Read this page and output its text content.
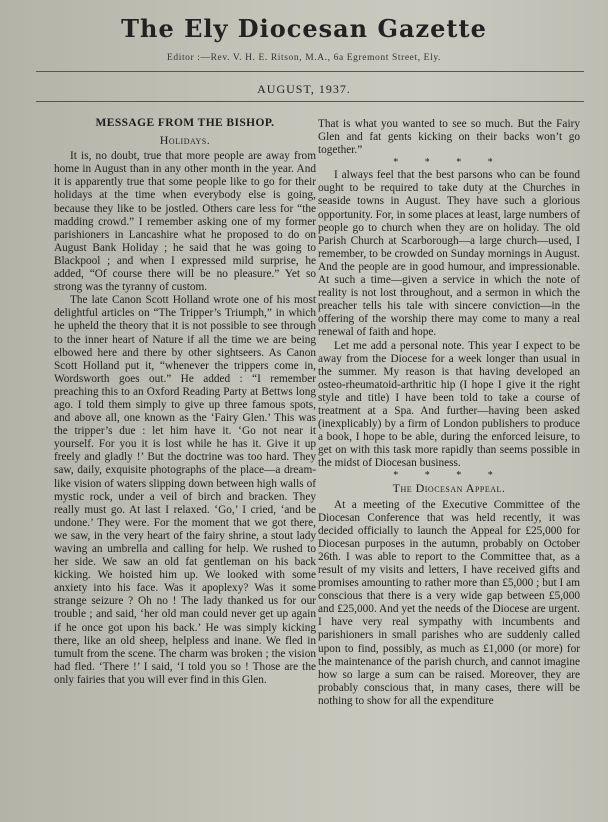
The Ely Diocesan Gazette
Editor :—Rev. V. H. E. Ritson, M.A., 6a Egremont Street, Ely.
AUGUST, 1937.
MESSAGE FROM THE BISHOP.
Holidays.

It is, no doubt, true that more people are away from home in August than in any other month in the year. And it is apparently true that some people like to go for their holidays at the time when everybody else is going, because they like to be jostled. Others care less for “the madding crowd.” I remember asking one of my former parishioners in Lancashire what he proposed to do on August Bank Holiday ; he said that he was going to Blackpool ; and when I expressed mild surprise, he added, “Of course there will be no pleasure.” Yet so strong was the tyranny of custom.

The late Canon Scott Holland wrote one of his most delightful articles on “The Tripper’s Triumph,” in which he upheld the theory that it is not possible to see through to the inner heart of Nature if all the time we are being elbowed here and there by other sightseers. As Canon Scott Holland put it, “whenever the trippers come in, Wordsworth goes out.” He added : “I remember preaching this to an Oxford Reading Party at Bettws long ago. I told them simply to give up three famous spots, and above all, one known as the ‘Fairy Glen.’ This was the tripper’s due : let him have it. ‘Go not near it yourself. For you it is lost while he has it. Give it up freely and gladly !’ But the doctrine was too hard. They saw, daily, exquisite photographs of the place—a dream-like vision of waters slipping down between high walls of mystic rock, under a veil of birch and bracken. They really must go. At last I relaxed. ‘Go,’ I cried, ‘and be undone.’ They were. For the moment that we got there, we saw, in the very heart of the fairy shrine, a stout lady waving an umbrella and calling for help. We rushed to her side. We saw an old fat gentleman on his back kicking. We hoisted him up. We looked with some anxiety into his face. Was it apoplexy? Was it some strange seizure ? Oh no ! The lady thanked us for our trouble ; and said, ‘her old man could never get up again if he once got upon his back.’ He was simply kicking there, like an old sheep, helpless and inane. We fled in tumult from the scene. The charm was broken ; the vision had fled. ‘There !’ I said, ‘I told you so ! Those are the only fairies that you will ever find in this Glen.

That is what you wanted to see so much. But the Fairy Glen and fat gents kicking on their backs won’t go together.”

* * * *

I always feel that the best parsons who can be found ought to be required to take duty at the Churches in seaside towns in August. They have such a glorious opportunity. For, in some places at least, large numbers of people go to church when they are on holiday. The old Parish Church at Scarborough—a large church—used, I remember, to be crowded on Sunday mornings in August. And the people are in good humour, and impressionable. At such a time—given a service in which the note of reality is not lost throughout, and a sermon in which the preacher tells his tale with sincere conviction—in the offering of the worship there may come to many a real renewal of faith and hope.

Let me add a personal note. This year I expect to be away from the Diocese for a week longer than usual in the summer. My reason is that having developed an osteo-rheumatoid-arthritic hip (I hope I give it the right style and title) I have been told to take a course of treatment at a Spa. And further—having been asked (inexplicably) by a firm of London publishers to produce a book, I hope to be able, during the enforced leisure, to get on with this task more rapidly than seems possible in the midst of Diocesan business.

* * * *
The Diocesan Appeal.

At a meeting of the Executive Committee of the Diocesan Conference that was held recently, it was decided officially to launch the Appeal for £25,000 for Diocesan purposes in the autumn, probably on October 26th. I was able to report to the Committee that, as a result of my visits and letters, I have received gifts and promises amounting to rather more than £5,000 ; but I am conscious that there is a very wide gap between £5,000 and £25,000. And yet the needs of the Diocese are urgent. I have very real sympathy with incumbents and parishioners in small parishes who are suddenly called upon to find, possibly, as much as £1,000 (or more) for the maintenance of the parish church, and cannot imagine how so large a sum can be raised. Moreover, they are probably conscious that, in many cases, there will be nothing to show for all the expenditure
